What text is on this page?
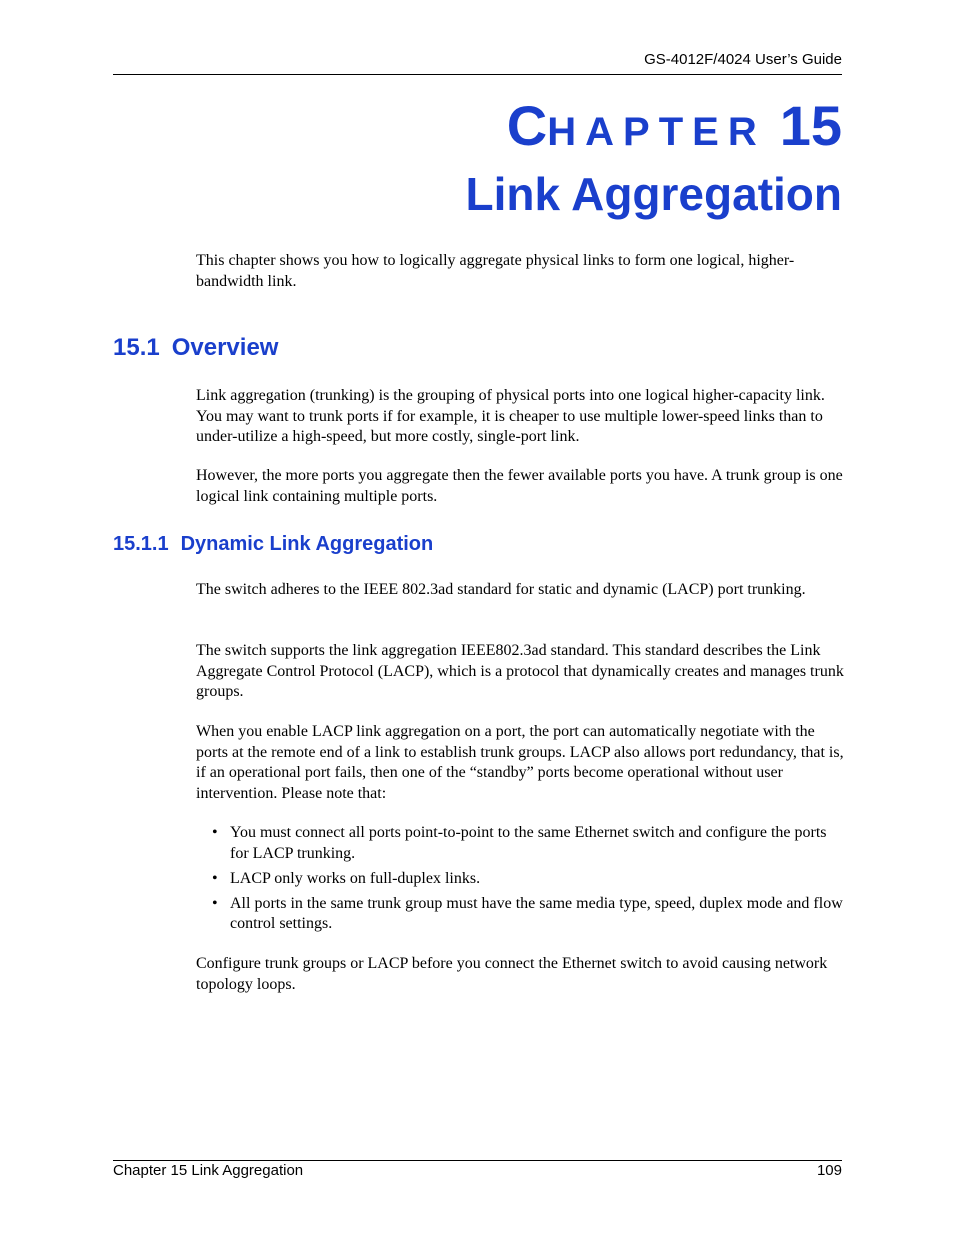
GS-4012F/4024 User’s Guide
CHAPTER 15
Link Aggregation

This chapter shows you how to logically aggregate physical links to form one logical, higher-bandwidth link.

15.1 Overview

Link aggregation (trunking) is the grouping of physical ports into one logical higher-capacity link. You may want to trunk ports if for example, it is cheaper to use multiple lower-speed links than to under-utilize a high-speed, but more costly, single-port link.

However, the more ports you aggregate then the fewer available ports you have. A trunk group is one logical link containing multiple ports.

15.1.1 Dynamic Link Aggregation

The switch adheres to the IEEE 802.3ad standard for static and dynamic (LACP) port trunking.

The switch supports the link aggregation IEEE802.3ad standard. This standard describes the Link Aggregate Control Protocol (LACP), which is a protocol that dynamically creates and manages trunk groups.

When you enable LACP link aggregation on a port, the port can automatically negotiate with the ports at the remote end of a link to establish trunk groups. LACP also allows port redundancy, that is, if an operational port fails, then one of the “standby” ports become operational without user intervention. Please note that:

• You must connect all ports point-to-point to the same Ethernet switch and configure the ports for LACP trunking.
• LACP only works on full-duplex links.
• All ports in the same trunk group must have the same media type, speed, duplex mode and flow control settings.

Configure trunk groups or LACP before you connect the Ethernet switch to avoid causing network topology loops.

Chapter 15 Link Aggregation	109
